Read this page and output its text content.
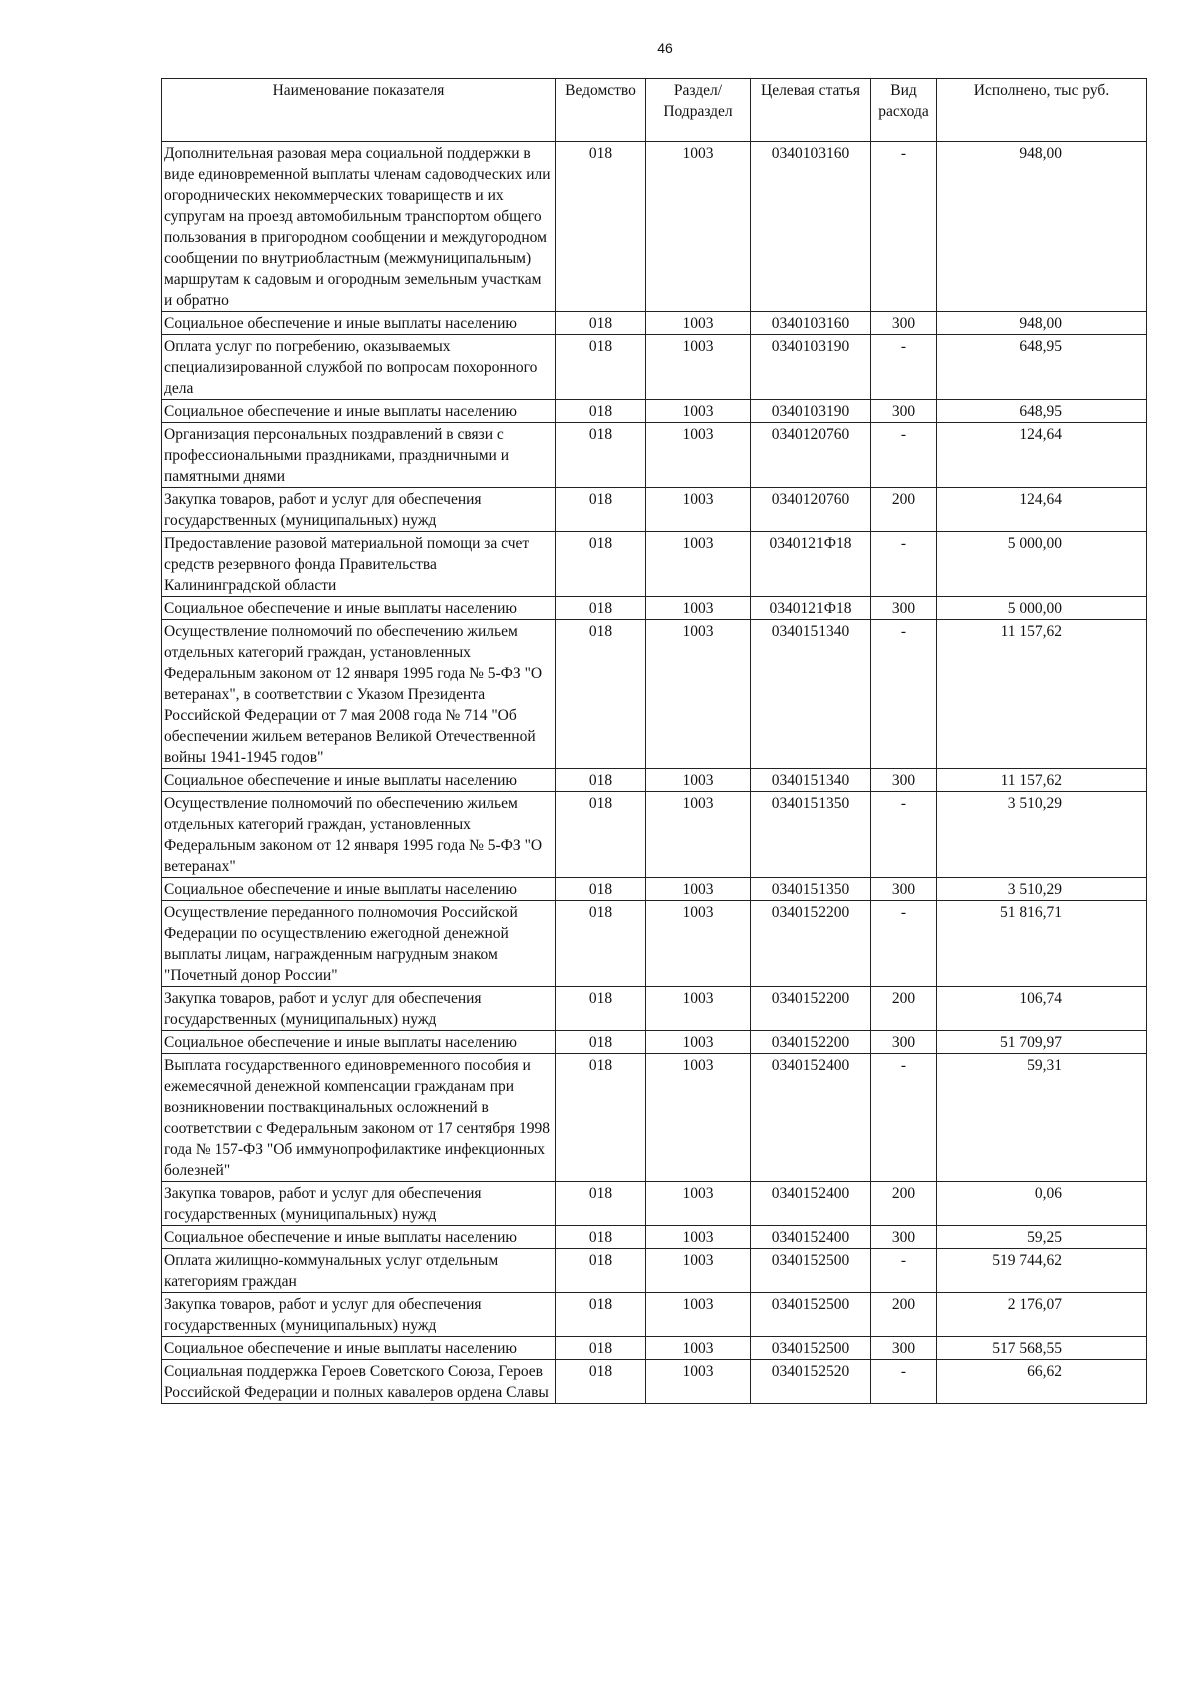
46
Наименование показателя	Ведомство	Раздел/ Подраздел	Целевая статья	Вид расхода	Исполнено, тыс руб.
Дополнительная разовая мера социальной поддержки в виде единовременной выплаты членам садоводческих или огороднических некоммерческих товариществ и их супругам на проезд автомобильным транспортом общего пользования в пригородном сообщении и междугородном сообщении по внутриобластным (межмуниципальным) маршрутам к садовым и огородным земельным участкам и обратно	018	1003	0340103160	-	948,00
Социальное обеспечение и иные выплаты населению	018	1003	0340103160	300	948,00
Оплата услуг по погребению, оказываемых специализированной службой по вопросам похоронного дела	018	1003	0340103190	-	648,95
Социальное обеспечение и иные выплаты населению	018	1003	0340103190	300	648,95
Организация персональных поздравлений в связи с профессиональными праздниками, праздничными и памятными днями	018	1003	0340120760	-	124,64
Закупка товаров, работ и услуг для обеспечения государственных (муниципальных) нужд	018	1003	0340120760	200	124,64
Предоставление разовой материальной помощи за счет средств резервного фонда Правительства Калининградской области	018	1003	0340121Ф18	-	5 000,00
Социальное обеспечение и иные выплаты населению	018	1003	0340121Ф18	300	5 000,00
Осуществление полномочий по обеспечению жильем отдельных категорий граждан, установленных Федеральным законом от 12 января 1995 года № 5-ФЗ "О ветеранах", в соответствии с Указом Президента Российской Федерации от 7 мая 2008 года № 714 "Об обеспечении жильем ветеранов Великой Отечественной войны 1941-1945 годов"	018	1003	0340151340	-	11 157,62
Социальное обеспечение и иные выплаты населению	018	1003	0340151340	300	11 157,62
Осуществление полномочий по обеспечению жильем отдельных категорий граждан, установленных Федеральным законом от 12 января 1995 года № 5-ФЗ "О ветеранах"	018	1003	0340151350	-	3 510,29
Социальное обеспечение и иные выплаты населению	018	1003	0340151350	300	3 510,29
Осуществление переданного полномочия Российской Федерации по осуществлению ежегодной денежной выплаты лицам, награжденным нагрудным знаком "Почетный донор России"	018	1003	0340152200	-	51 816,71
Закупка товаров, работ и услуг для обеспечения государственных (муниципальных) нужд	018	1003	0340152200	200	106,74
Социальное обеспечение и иные выплаты населению	018	1003	0340152200	300	51 709,97
Выплата государственного единовременного пособия и ежемесячной денежной компенсации гражданам при возникновении поствакцинальных осложнений в соответствии с Федеральным законом от 17 сентября 1998 года № 157-ФЗ "Об иммунопрофилактике инфекционных болезней"	018	1003	0340152400	-	59,31
Закупка товаров, работ и услуг для обеспечения государственных (муниципальных) нужд	018	1003	0340152400	200	0,06
Социальное обеспечение и иные выплаты населению	018	1003	0340152400	300	59,25
Оплата жилищно-коммунальных услуг отдельным категориям граждан	018	1003	0340152500	-	519 744,62
Закупка товаров, работ и услуг для обеспечения государственных (муниципальных) нужд	018	1003	0340152500	200	2 176,07
Социальное обеспечение и иные выплаты населению	018	1003	0340152500	300	517 568,55
Социальная поддержка Героев Советского Союза, Героев Российской Федерации и полных кавалеров ордена Славы	018	1003	0340152520	-	66,62
